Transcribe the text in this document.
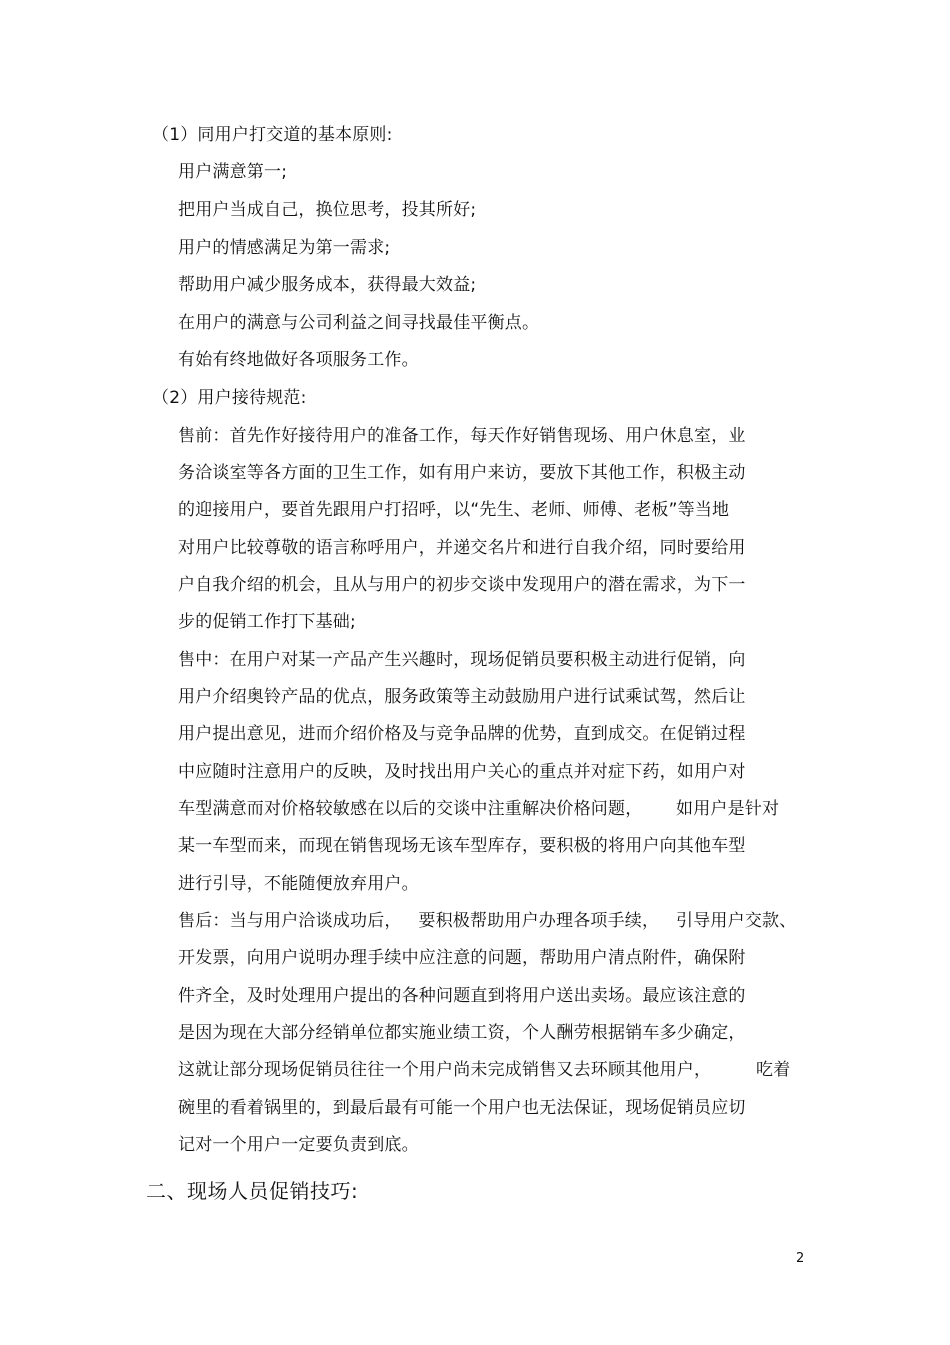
（1）同用户打交道的基本原则:
用户满意第一;
把用户当成自己，换位思考，投其所好;
用户的情感满足为第一需求;
帮助用户减少服务成本，获得最大效益;
在用户的满意与公司利益之间寻找最佳平衡点。
有始有终地做好各项服务工作。
（2）用户接待规范:
售前：首先作好接待用户的准备工作，每天作好销售现场、用户休息室，业
务洽谈室等各方面的卫生工作，如有用户来访，要放下其他工作，积极主动
的迎接用户，要首先跟用户打招呼，以“先生、老师、师傅、老板”等当地
对用户比较尊敬的语言称呼用户，并递交名片和进行自我介绍，同时要给用
户自我介绍的机会，且从与用户的初步交谈中发现用户的潜在需求，为下一
步的促销工作打下基础;
售中：在用户对某一产品产生兴趣时，现场促销员要积极主动进行促销，向
用户介绍奥铃产品的优点，服务政策等主动鼓励用户进行试乘试驾，然后让
用户提出意见，进而介绍价格及与竞争品牌的优势，直到成交。在促销过程
中应随时注意用户的反映，及时找出用户关心的重点并对症下药，如用户对
车型满意而对价格较敏感在以后的交谈中注重解决价格问题，      如用户是针对
某一车型而来，而现在销售现场无该车型库存，要积极的将用户向其他车型
进行引导，不能随便放弃用户。
售后：当与用户洽谈成功后，   要积极帮助用户办理各项手续，   引导用户交款、
开发票，向用户说明办理手续中应注意的问题，帮助用户清点附件，确保附
件齐全，及时处理用户提出的各种问题直到将用户送出卖场。最应该注意的
是因为现在大部分经销单位都实施业绩工资，个人酬劳根据销车多少确定，
这就让部分现场促销员往往一个用户尚未完成销售又去环顾其他用户，        吃着
碗里的看着锅里的，到最后最有可能一个用户也无法保证，现场促销员应切
记对一个用户一定要负责到底。
二、现场人员促销技巧:
2
